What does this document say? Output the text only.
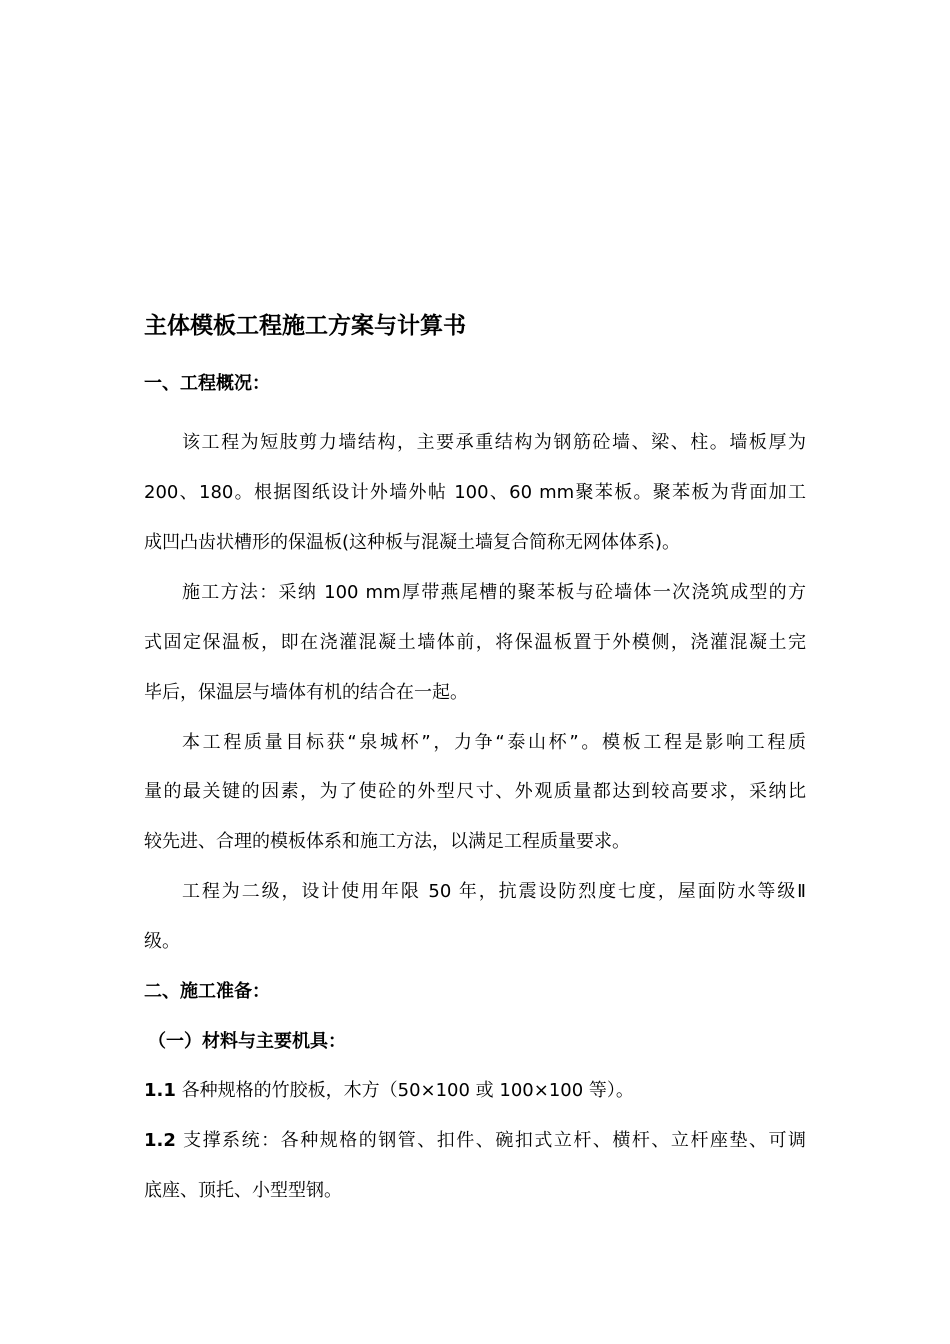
主体模板工程施工方案与计算书
一、工程概况：
该工程为短肢剪力墙结构，主要承重结构为钢筋砼墙、梁、柱。墙板厚为
200、180。根据图纸设计外墙外帖 100、60 mm聚苯板。聚苯板为背面加工
成凹凸齿状槽形的保温板(这种板与混凝土墙复合简称无网体体系)。
施工方法：采纳 100 mm厚带燕尾槽的聚苯板与砼墙体一次浇筑成型的方
式固定保温板，即在浇灌混凝土墙体前，将保温板置于外模侧，浇灌混凝土完
毕后，保温层与墙体有机的结合在一起。
本工程质量目标获“泉城杯”，力争“泰山杯”。模板工程是影响工程质
量的最关键的因素，为了使砼的外型尺寸、外观质量都达到较高要求，采纳比
较先进、合理的模板体系和施工方法，以满足工程质量要求。
工程为二级，设计使用年限 50 年，抗震设防烈度七度，屋面防水等级Ⅱ
级。
二、施工准备：
（一）材料与主要机具：
1.1 各种规格的竹胶板，木方（50×100 或 100×100 等）。
1.2 支撑系统：各种规格的钢管、扣件、碗扣式立杆、横杆、立杆座垫、可调
底座、顶托、小型型钢。
